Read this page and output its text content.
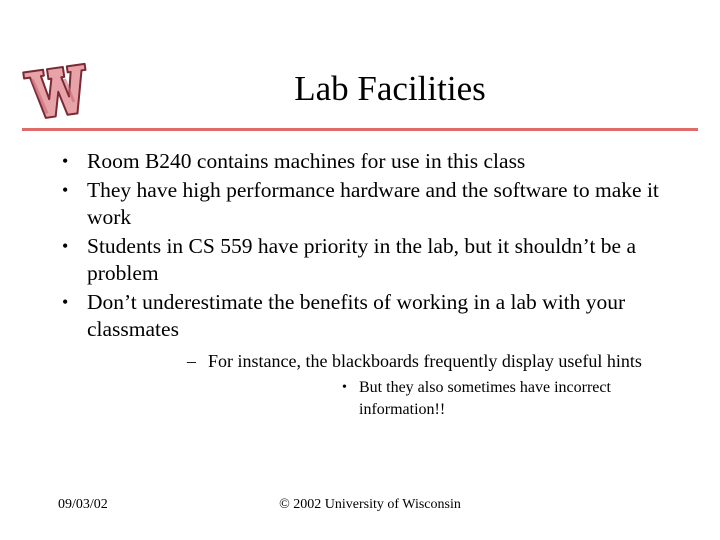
Lab Facilities
• Room B240 contains machines for use in this class
• They have high performance hardware and the software to make it work
• Students in CS 559 have priority in the lab, but it shouldn’t be a problem
• Don’t underestimate the benefits of working in a lab with your classmates
– For instance, the blackboards frequently display useful hints
• But they also sometimes have incorrect information!!
09/03/02	© 2002 University of Wisconsin
